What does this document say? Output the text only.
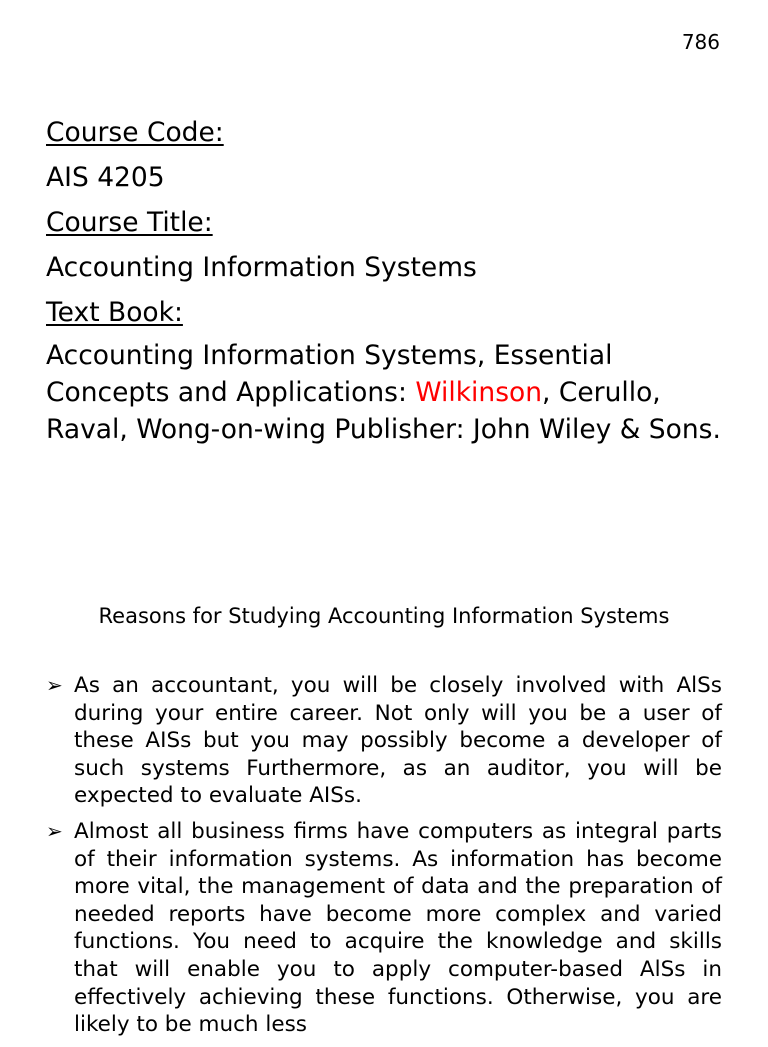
786
Course Code:
AIS 4205
Course Title:
Accounting Information Systems
Text Book:
Accounting Information Systems, Essential Concepts and Applications: Wilkinson, Cerullo, Raval, Wong-on-wing Publisher: John Wiley & Sons.
Reasons for Studying Accounting Information Systems
➢ As an accountant, you will be closely involved with AlSs during your entire career. Not only will you be a user of these AISs but you may possibly become a developer of such systems Furthermore, as an auditor, you will be expected to evaluate AISs.
➢ Almost all business firms have computers as integral parts of their information systems. As information has become more vital, the management of data and the preparation of needed reports have become more complex and varied functions. You need to acquire the knowledge and skills that will enable you to apply computer-based AlSs in effectively achieving these functions. Otherwise, you are likely to be much less
